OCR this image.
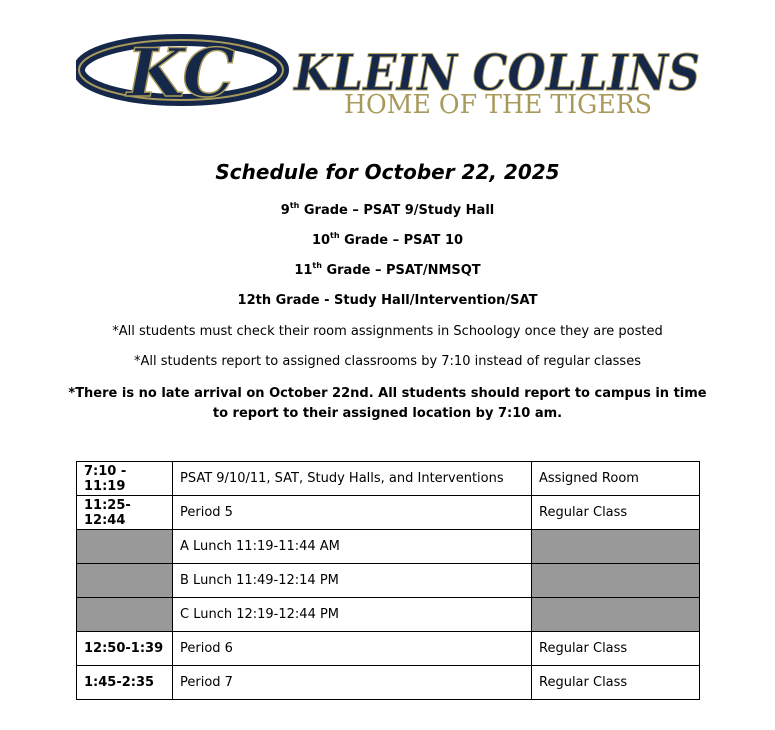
KC KLEIN COLLINS
HOME OF THE TIGERS
Schedule for October 22, 2025
9th Grade – PSAT 9/Study Hall
10th Grade – PSAT 10
11th Grade – PSAT/NMSQT
12th Grade - Study Hall/Intervention/SAT
*All students must check their room assignments in Schoology once they are posted
*All students report to assigned classrooms by 7:10 instead of regular classes
*There is no late arrival on October 22nd. All students should report to campus in time to report to their assigned location by 7:10 am.
7:10 - 11:19	PSAT 9/10/11, SAT, Study Halls, and Interventions	Assigned Room
11:25-12:44	Period 5	Regular Class
	A Lunch 11:19-11:44 AM	
	B Lunch 11:49-12:14 PM	
	C Lunch 12:19-12:44 PM	
12:50-1:39	Period 6	Regular Class
1:45-2:35	Period 7	Regular Class
